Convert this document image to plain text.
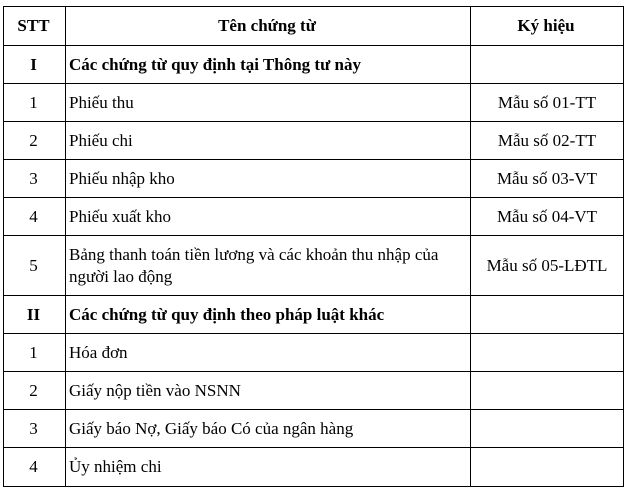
STT	Tên chứng từ	Ký hiệu
I	Các chứng từ quy định tại Thông tư này	
1	Phiếu thu	Mẫu số 01-TT
2	Phiếu chi	Mẫu số 02-TT
3	Phiếu nhập kho	Mẫu số 03-VT
4	Phiếu xuất kho	Mẫu số 04-VT
5	Bảng thanh toán tiền lương và các khoản thu nhập của người lao động	Mẫu số 05-LĐTL
II	Các chứng từ quy định theo pháp luật khác	
1	Hóa đơn	
2	Giấy nộp tiền vào NSNN	
3	Giấy báo Nợ, Giấy báo Có của ngân hàng	
4	Ủy nhiệm chi	
